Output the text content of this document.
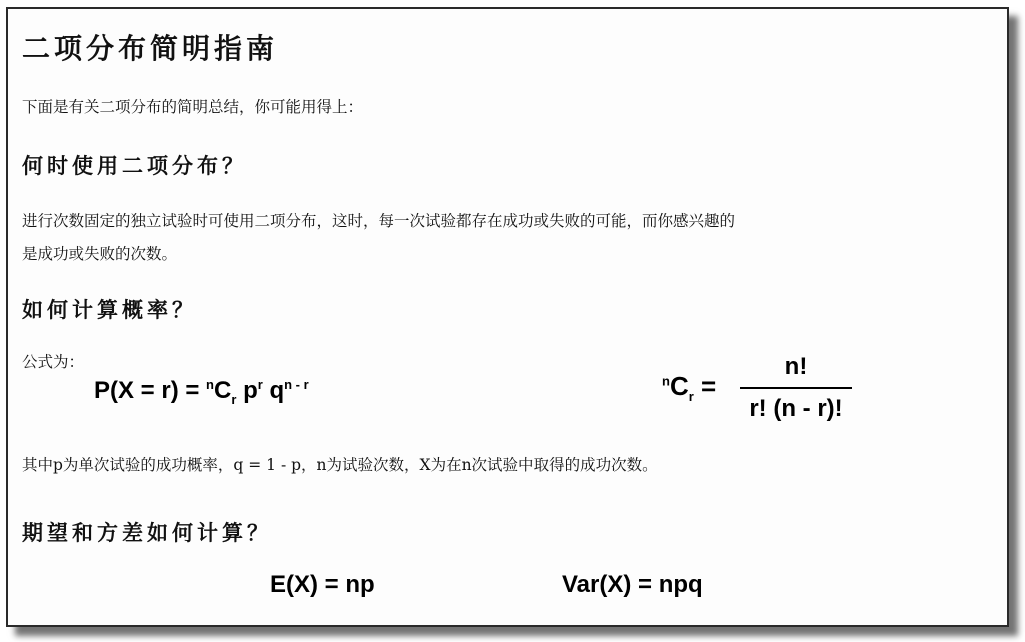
二项分布简明指南
下面是有关二项分布的简明总结，你可能用得上：
何时使用二项分布？
进行次数固定的独立试验时可使用二项分布，这时，每一次试验都存在成功或失败的可能，而你感兴趣的
是成功或失败的次数。
如何计算概率？
公式为：
$P(X = r) = ^nC_r$ $p^r$ $q^{n - r}$	$^nC_r$ =
n!
r! (n - r)!
其中p为单次试验的成功概率，q = 1 - p，n为试验次数，X为在n次试验中取得的成功次数。
期望和方差如何计算？
E(X) = np	Var(X) = npq
